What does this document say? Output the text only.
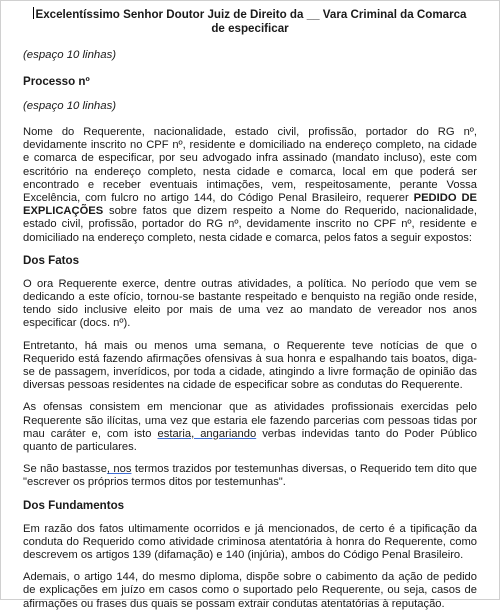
Excelentíssimo Senhor Doutor Juiz de Direito da __ Vara Criminal da Comarca
de especificar
(espaço 10 linhas)
Processo nº
(espaço 10 linhas)

Nome do Requerente, nacionalidade, estado civil, profissão, portador do RG nº, devidamente inscrito no CPF nº, residente e domiciliado na endereço completo, na cidade e comarca de especificar, por seu advogado infra assinado (mandato incluso), este com escritório na endereço completo, nesta cidade e comarca, local em que poderá ser encontrado e receber eventuais intimações, vem, respeitosamente, perante Vossa Excelência, com fulcro no artigo 144, do Código Penal Brasileiro, requerer PEDIDO DE EXPLICAÇÕES sobre fatos que dizem respeito a Nome do Requerido, nacionalidade, estado civil, profissão, portador do RG nº, devidamente inscrito no CPF nº, residente e domiciliado na endereço completo, nesta cidade e comarca, pelos fatos a seguir expostos:

Dos Fatos

O ora Requerente exerce, dentre outras atividades, a política. No período que vem se dedicando a este ofício, tornou-se bastante respeitado e benquisto na região onde reside, tendo sido inclusive eleito por mais de uma vez ao mandato de vereador nos anos especificar (docs. nº).

Entretanto, há mais ou menos uma semana, o Requerente teve notícias de que o Requerido está fazendo afirmações ofensivas à sua honra e espalhando tais boatos, diga-se de passagem, inverídicos, por toda a cidade, atingindo a livre formação de opinião das diversas pessoas residentes na cidade de especificar sobre as condutas do Requerente.

As ofensas consistem em mencionar que as atividades profissionais exercidas pelo Requerente são ilícitas, uma vez que estaria ele fazendo parcerias com pessoas tidas por mau caráter e, com isto estaria, angariando verbas indevidas tanto do Poder Público quanto de particulares.

Se não bastasse, nos termos trazidos por testemunhas diversas, o Requerido tem dito que "escrever os próprios termos ditos por testemunhas".

Dos Fundamentos

Em razão dos fatos ultimamente ocorridos e já mencionados, de certo é a tipificação da conduta do Requerido como atividade criminosa atentatória à honra do Requerente, como descrevem os artigos 139 (difamação) e 140 (injúria), ambos do Código Penal Brasileiro.

Ademais, o artigo 144, do mesmo diploma, dispõe sobre o cabimento da ação de pedido de explicações em juízo em casos como o suportado pelo Requerente, ou seja, casos de afirmações ou frases dus quais se possam extrair condutas atentatórias à reputação.
